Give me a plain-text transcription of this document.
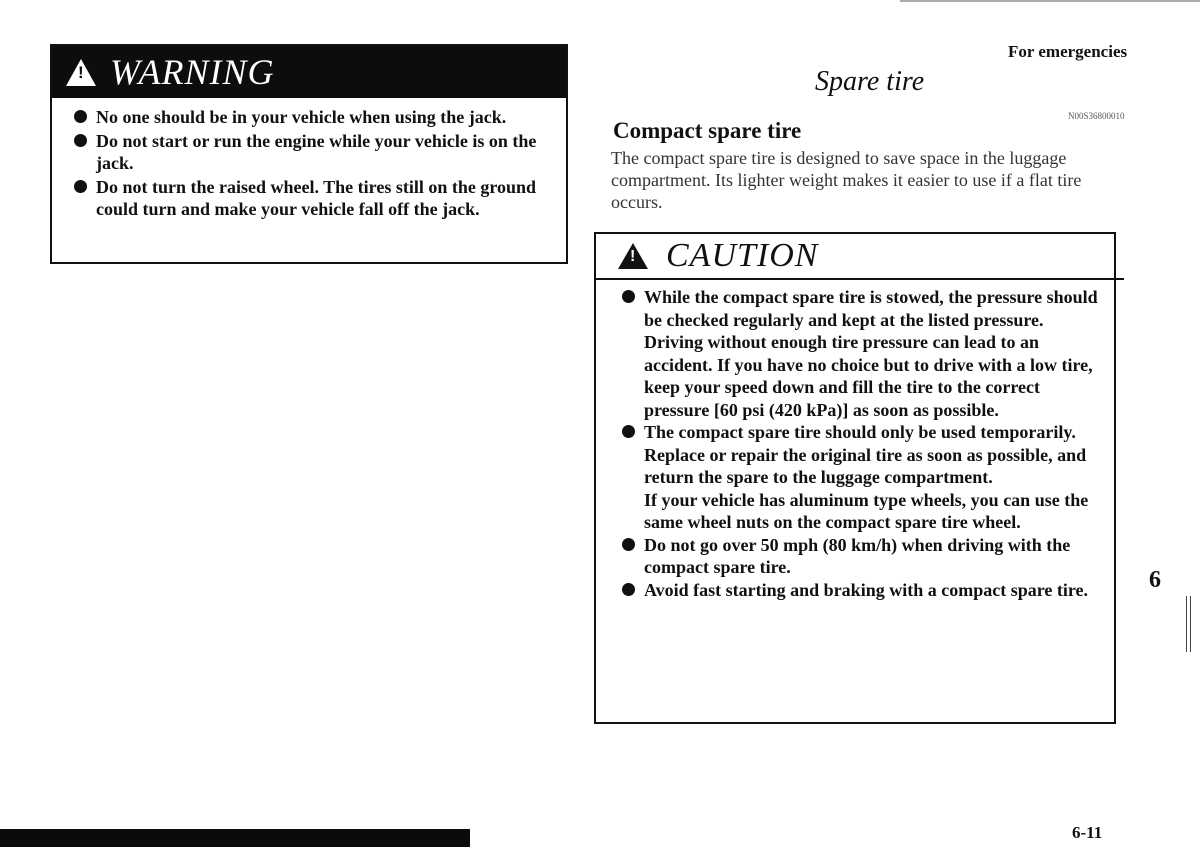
!
WARNING
No one should be in your vehicle when using the jack.
Do not start or run the engine while your vehicle is on the jack.
Do not turn the raised wheel. The tires still on the ground could turn and make your vehicle fall off the jack.
For emergencies
Spare tire
N00S36800010
Compact spare tire
The compact spare tire is designed to save space in the luggage compartment. Its lighter weight makes it easier to use if a flat tire occurs.
!
CAUTION
While the compact spare tire is stowed, the pressure should be checked regularly and kept at the listed pressure.
Driving without enough tire pressure can lead to an accident. If you have no choice but to drive with a low tire, keep your speed down and fill the tire to the correct pressure [60 psi (420 kPa)] as soon as possible.
The compact spare tire should only be used temporarily. Replace or repair the original tire as soon as possible, and return the spare to the luggage compartment.
If your vehicle has aluminum type wheels, you can use the same wheel nuts on the compact spare tire wheel.
Do not go over 50 mph (80 km/h) when driving with the compact spare tire.
Avoid fast starting and braking with a compact spare tire.	6
6-11
